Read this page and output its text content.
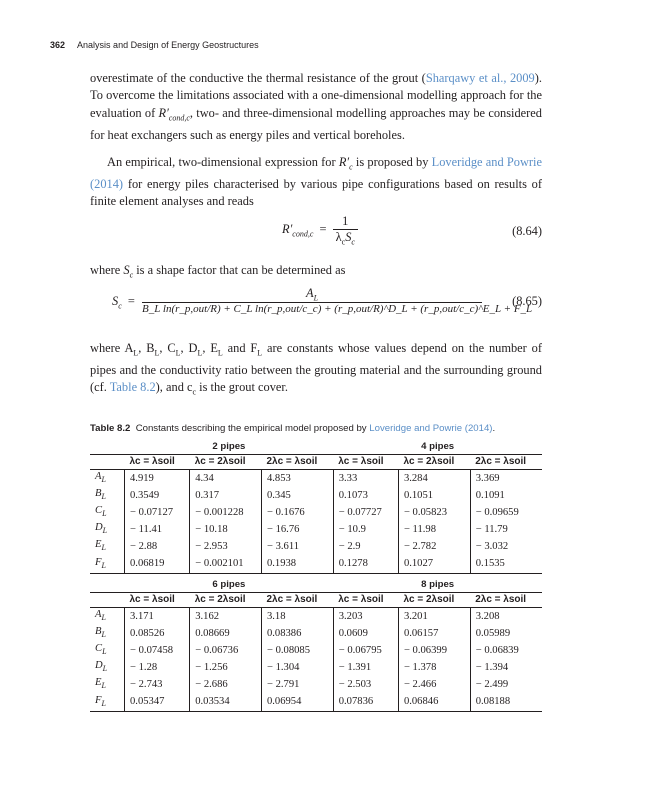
362 Analysis and Design of Energy Geostructures

overestimate of the conductive the thermal resistance of the grout (Sharqawy et al., 2009). To overcome the limitations associated with a one-dimensional modelling approach for the evaluation of $R'_{cond,c}$, two- and three-dimensional modelling approaches may be considered for heat exchangers such as energy piles and vertical boreholes.

An empirical, two-dimensional expression for $R'_c$ is proposed by Loveridge and Powrie (2014) for energy piles characterised by various pipe configurations based on results of finite element analyses and reads

$R'_{cond,c} = \frac{1}{\lambda_cS_c}$	(8.64)

where $S_c$ is a shape factor that can be determined as

$S_c$ =
$A_L$
B_L ln(r_p,out/R) + C_L ln(r_p,out/c_c) + (r_p,out/R)^D_L + (r_p,out/c_c)^E_L + F_L
(8.65)

where $A_L$, $B_L$, $C_L$, $D_L$, $E_L$ and $F_L$ are constants whose values depend on the number of pipes and the conductivity ratio between the grouting material and the surrounding ground (cf. Table 8.2), and $c_c$ is the grout cover.

Table 8.2 Constants describing the empirical model proposed by Loveridge and Powrie (2014).
	2 pipes			4 pipes		
	λc = λsoil	λc = 2λsoil	2λc = λsoil	λc = λsoil	λc = 2λsoil	2λc = λsoil
$A_L$	4.919	4.34	4.853	3.33	3.284	3.369
$B_L$	0.3549	0.317	0.345	0.1073	0.1051	0.1091
$C_L$	− 0.07127	− 0.001228	− 0.1676	− 0.07727	− 0.05823	− 0.09659
$D_L$	− 11.41	− 10.18	− 16.76	− 10.9	− 11.98	− 11.79
$E_L$	− 2.88	− 2.953	− 3.611	− 2.9	− 2.782	− 3.032
$F_L$	0.06819	− 0.002101	0.1938	0.1278	0.1027	0.1535
	6 pipes			8 pipes		
	λc = λsoil	λc = 2λsoil	2λc = λsoil	λc = λsoil	λc = 2λsoil	2λc = λsoil
$A_L$	3.171	3.162	3.18	3.203	3.201	3.208
$B_L$	0.08526	0.08669	0.08386	0.0609	0.06157	0.05989
$C_L$	− 0.07458	− 0.06736	− 0.08085	− 0.06795	− 0.06399	− 0.06839
$D_L$	− 1.28	− 1.256	− 1.304	− 1.391	− 1.378	− 1.394
$E_L$	− 2.743	− 2.686	− 2.791	− 2.503	− 2.466	− 2.499
$F_L$	0.05347	0.03534	0.06954	0.07836	0.06846	0.08188
